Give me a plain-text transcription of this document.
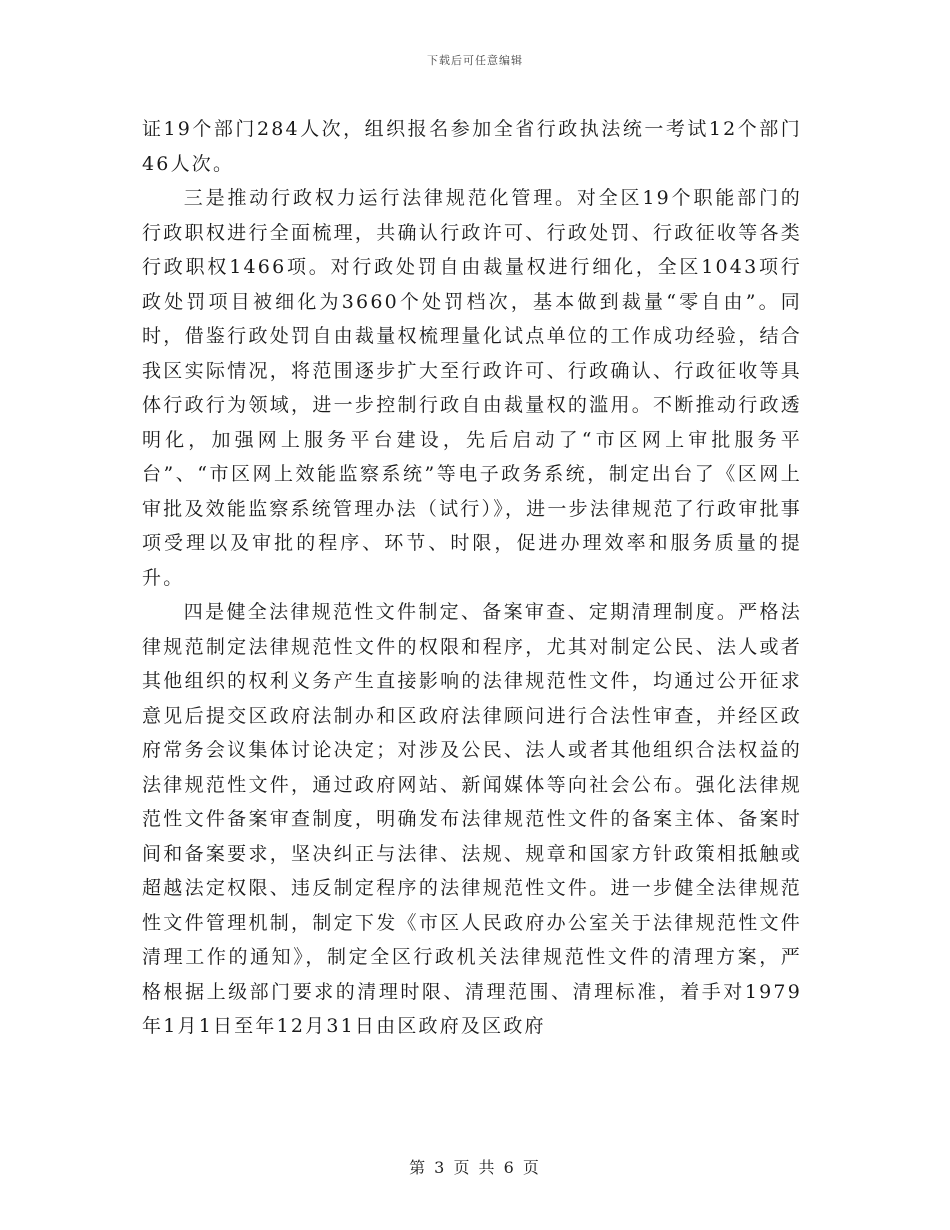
下载后可任意编辑

证19个部门284人次，组织报名参加全省行政执法统一考试12个部门46人次。

三是推动行政权力运行法律规范化管理。对全区19个职能部门的行政职权进行全面梳理，共确认行政许可、行政处罚、行政征收等各类行政职权1466项。对行政处罚自由裁量权进行细化，全区1043项行政处罚项目被细化为3660个处罚档次，基本做到裁量“零自由”。同时，借鉴行政处罚自由裁量权梳理量化试点单位的工作成功经验，结合我区实际情况，将范围逐步扩大至行政许可、行政确认、行政征收等具体行政行为领域，进一步控制行政自由裁量权的滥用。不断推动行政透明化，加强网上服务平台建设，先后启动了“市区网上审批服务平台”、“市区网上效能监察系统”等电子政务系统，制定出台了《区网上审批及效能监察系统管理办法（试行）》，进一步法律规范了行政审批事项受理以及审批的程序、环节、时限，促进办理效率和服务质量的提升。

四是健全法律规范性文件制定、备案审查、定期清理制度。严格法律规范制定法律规范性文件的权限和程序，尤其对制定公民、法人或者其他组织的权利义务产生直接影响的法律规范性文件，均通过公开征求意见后提交区政府法制办和区政府法律顾问进行合法性审查，并经区政府常务会议集体讨论决定；对涉及公民、法人或者其他组织合法权益的法律规范性文件，通过政府网站、新闻媒体等向社会公布。强化法律规范性文件备案审查制度，明确发布法律规范性文件的备案主体、备案时间和备案要求，坚决纠正与法律、法规、规章和国家方针政策相抵触或超越法定权限、违反制定程序的法律规范性文件。进一步健全法律规范性文件管理机制，制定下发《市区人民政府办公室关于法律规范性文件清理工作的通知》，制定全区行政机关法律规范性文件的清理方案，严格根据上级部门要求的清理时限、清理范围、清理标准，着手对1979年1月1日至年12月31日由区政府及区政府

第 3 页 共 6 页
